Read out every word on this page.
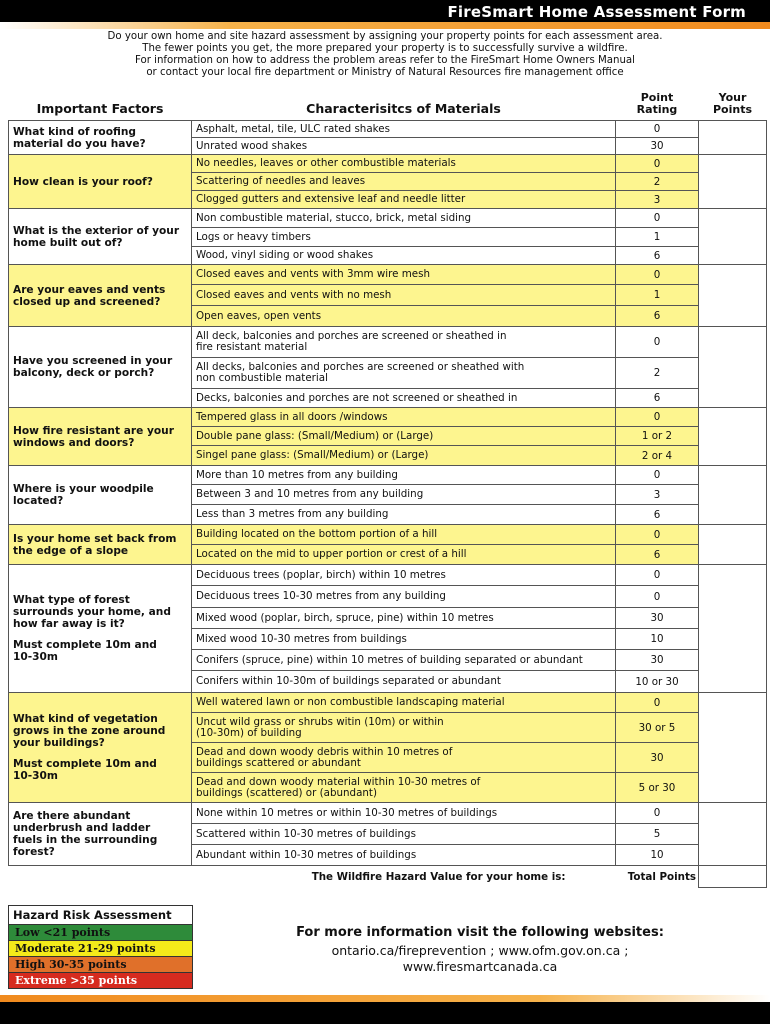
FireSmart Home Assessment Form
Do your own home and site hazard assessment by assigning your property points for each assessment area.
The fewer points you get, the more prepared your property is to successfully survive a wildfire.
For information on how to address the problem areas refer to the FireSmart Home Owners Manual
or contact your local fire department or Ministry of Natural Resources fire management office
Important Factors	Characterisitcs of Materials	Point
Rating	Your
Points

What kind of roofing
material do you have?	Asphalt, metal, tile, ULC rated shakes	0	
	Unrated wood shakes	30	

How clean is your roof?	No needles, leaves or other combustible materials	0	
	Scattering of needles and leaves	2	
	Clogged gutters and extensive leaf and needle litter	3	

What is the exterior of your
home built out of?	Non combustible material, stucco, brick, metal siding	0	
	Logs or heavy timbers	1	
	Wood, vinyl siding or wood shakes	6	

Are your eaves and vents
closed up and screened?	Closed eaves and vents with 3mm wire mesh	0	
	Closed eaves and vents with no mesh	1	
	Open eaves, open vents	6	

Have you screened in your
balcony, deck or porch?	All deck, balconies and porches are screened or sheathed in
fire resistant material	0	

	All decks, balconies and porches are screened or sheathed with
non combustible material	2	
	Decks, balconies and porches are not screened or sheathed in	6	

How fire resistant are your
windows and doors?	Tempered glass in all doors /windows	0	
	Double pane glass: (Small/Medium) or (Large)	1 or 2	
	Singel pane glass: (Small/Medium) or (Large)	2 or 4	

Where is your woodpile
located?	More than 10 metres from any building	0	
	Between 3 and 10 metres from any building	3	
	Less than 3 metres from any building	6	

Is your home set back from
the edge of a slope	Building located on the bottom portion of a hill	0	
	Located on the mid to upper portion or crest of a hill	6	

What type of forest
surrounds your home, and
how far away is it?
Must complete 10m and
10-30m	Deciduous trees (poplar, birch) within 10 metres	0	
	Deciduous trees 10-30 metres from any building	0	
	Mixed wood (poplar, birch, spruce, pine) within 10 metres	30	
	Mixed wood 10-30 metres from buildings	10	
	Conifers (spruce, pine) within 10 metres of building separated or abundant	30	
	Conifers within 10-30m of buildings separated or abundant	10 or 30	

What kind of vegetation
grows in the zone around
your buildings?
Must complete 10m and
10-30m	Well watered lawn or non combustible landscaping material	0	

	Uncut wild grass or shrubs witin (10m) or within
(10-30m) of building	30 or 5	

	Dead and down woody debris within 10 metres of
buildings scattered or abundant	30	

	Dead and down woody material within 10-30 metres of
buildings (scattered) or (abundant)	5 or 30	

Are there abundant
underbrush and ladder
fuels in the surrounding
forest?	None within 10 metres or within 10-30 metres of buildings	0	
	Scattered within 10-30 metres of buildings	5	
	Abundant within 10-30 metres of buildings	10	
The Wildfire Hazard Value for your home is:		Total Points	
Hazard Risk Assessment
Low <21 points
Moderate 21-29 points
High 30-35 points
Extreme >35 points
For more information visit the following websites:
ontario.ca/fireprevention ; www.ofm.gov.on.ca ;
www.firesmartcanada.ca
